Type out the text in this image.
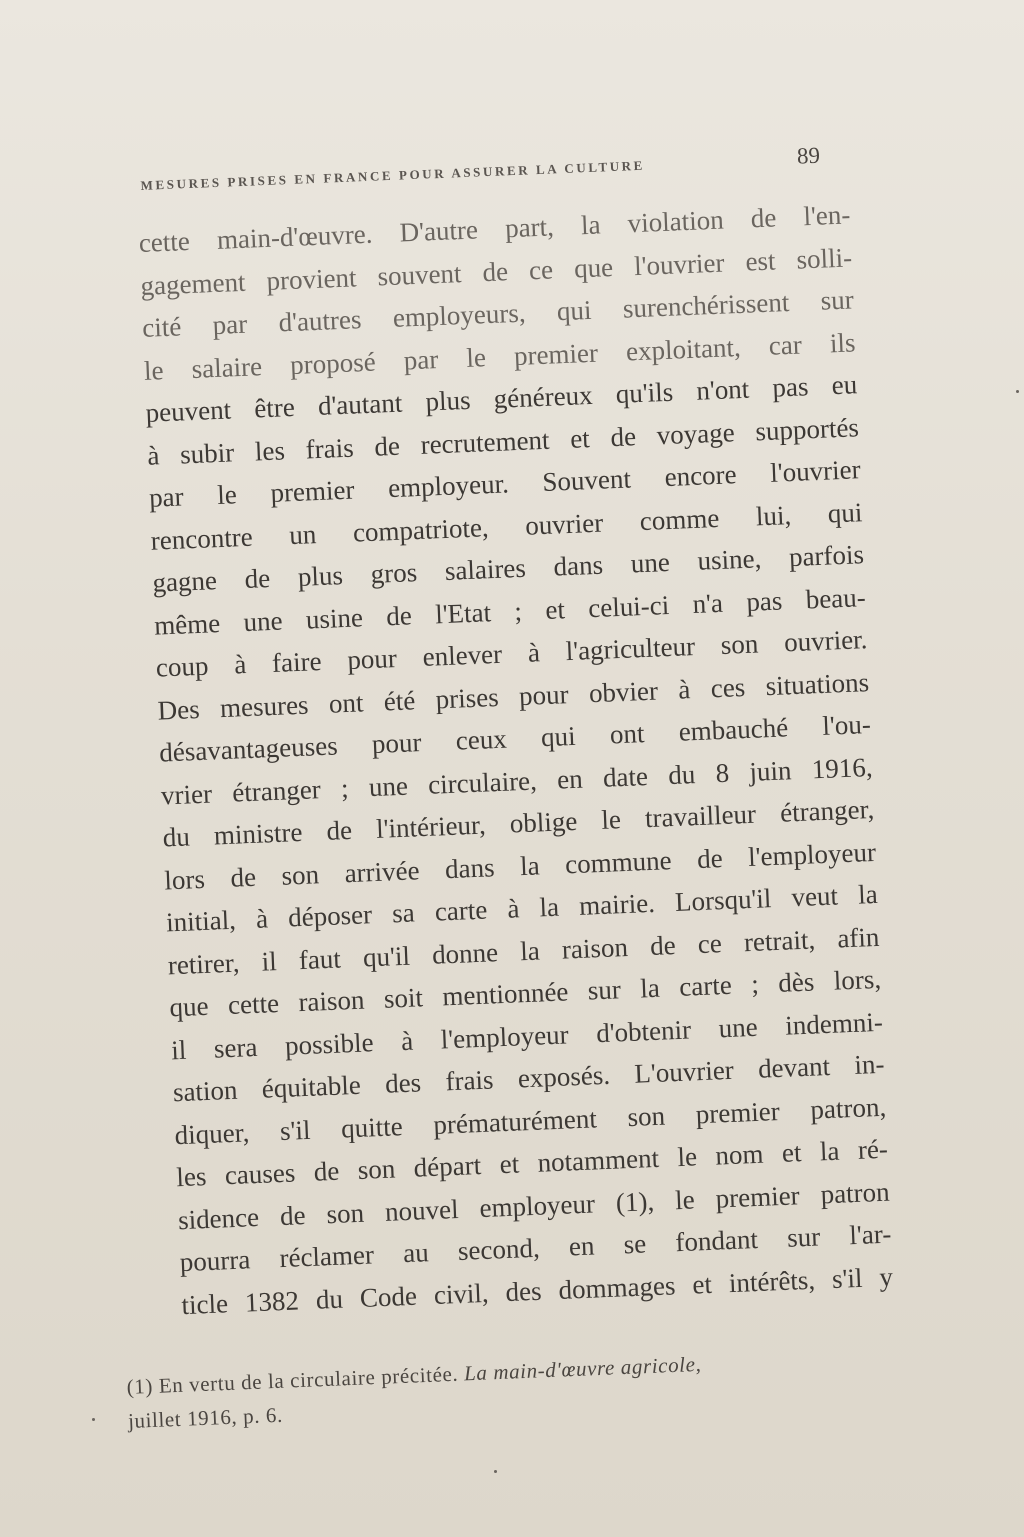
MESURES PRISES EN FRANCE POUR ASSURER LA CULTURE
89
cette main-d'œuvre. D'autre part, la violation de l'en-
gagement provient souvent de ce que l'ouvrier est solli-
cité par d'autres employeurs, qui surenchérissent sur
le salaire proposé par le premier exploitant, car ils
peuvent être d'autant plus généreux qu'ils n'ont pas eu
à subir les frais de recrutement et de voyage supportés
par le premier employeur. Souvent encore l'ouvrier
rencontre un compatriote, ouvrier comme lui, qui
gagne de plus gros salaires dans une usine, parfois
même une usine de l'Etat ; et celui-ci n'a pas beau-
coup à faire pour enlever à l'agriculteur son ouvrier.
Des mesures ont été prises pour obvier à ces situations
désavantageuses pour ceux qui ont embauché l'ou-
vrier étranger ; une circulaire, en date du 8 juin 1916,
du ministre de l'intérieur, oblige le travailleur étranger,
lors de son arrivée dans la commune de l'employeur
initial, à déposer sa carte à la mairie. Lorsqu'il veut la
retirer, il faut qu'il donne la raison de ce retrait, afin
que cette raison soit mentionnée sur la carte ; dès lors,
il sera possible à l'employeur d'obtenir une indemni-
sation équitable des frais exposés. L'ouvrier devant in-
diquer, s'il quitte prématurément son premier patron,
les causes de son départ et notamment le nom et la ré-
sidence de son nouvel employeur (1), le premier patron
pourra réclamer au second, en se fondant sur l'ar-
ticle 1382 du Code civil, des dommages et intérêts, s'il y
(1) En vertu de la circulaire précitée. La main-d'œuvre agricole,
juillet 1916, p. 6.
